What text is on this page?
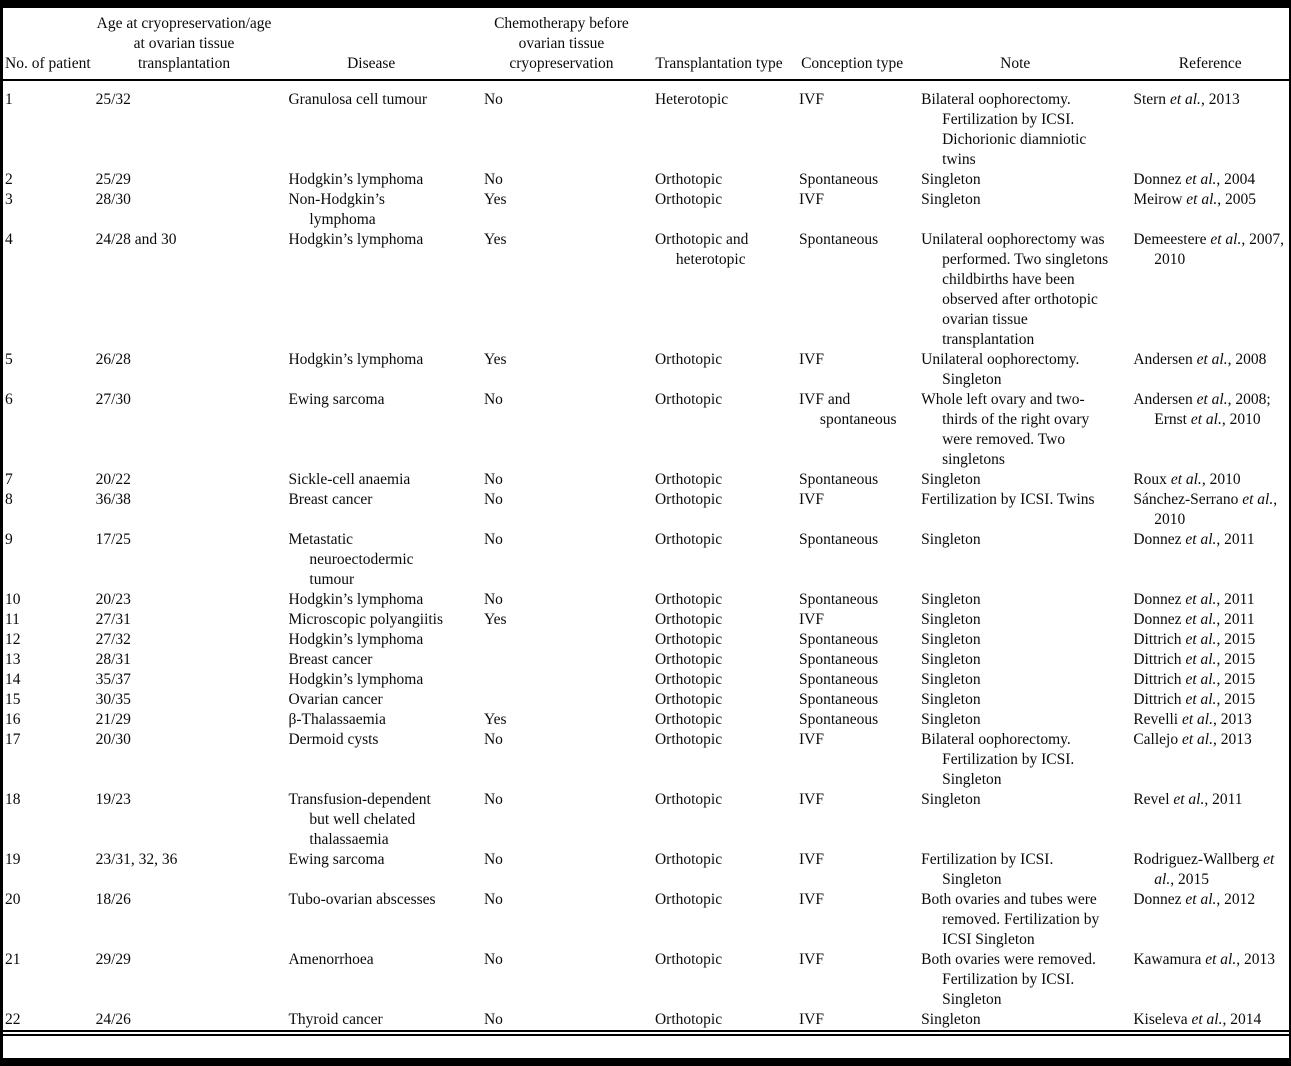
No. of patient	Age at cryopreservation/age at ovarian tissue transplantation	Disease	Chemotherapy before ovarian tissue cryopreservation	Transplantation type	Conception type	Note	Reference

1	25/32	Granulosa cell tumour	No	Heterotopic	IVF	Bilateral oophorectomy. Fertilization by ICSI. Dichorionic diamniotic twins	Stern et al., 2013

2	25/29	Hodgkin’s lymphoma	No	Orthotopic	Spontaneous	Singleton	Donnez et al., 2004

3	28/30	Non-Hodgkin’s lymphoma	Yes	Orthotopic	IVF	Singleton	Meirow et al., 2005

4	24/28 and 30	Hodgkin’s lymphoma	Yes	Orthotopic and heterotopic	Spontaneous	Unilateral oophorectomy was performed. Two singletons childbirths have been observed after orthotopic ovarian tissue transplantation	Demeestere et al., 2007, 2010

5	26/28	Hodgkin’s lymphoma	Yes	Orthotopic	IVF	Unilateral oophorectomy. Singleton	Andersen et al., 2008

6	27/30	Ewing sarcoma	No	Orthotopic	IVF and spontaneous	Whole left ovary and two-thirds of the right ovary were removed. Two singletons	Andersen et al., 2008; Ernst et al., 2010

7	20/22	Sickle-cell anaemia	No	Orthotopic	Spontaneous	Singleton	Roux et al., 2010

8	36/38	Breast cancer	No	Orthotopic	IVF	Fertilization by ICSI. Twins	Sánchez-Serrano et al., 2010

9	17/25	Metastatic neuroectodermic tumour	No	Orthotopic	Spontaneous	Singleton	Donnez et al., 2011

10	20/23	Hodgkin’s lymphoma	No	Orthotopic	Spontaneous	Singleton	Donnez et al., 2011

11	27/31	Microscopic polyangiitis	Yes	Orthotopic	IVF	Singleton	Donnez et al., 2011

12	27/32	Hodgkin’s lymphoma		Orthotopic	Spontaneous	Singleton	Dittrich et al., 2015

13	28/31	Breast cancer		Orthotopic	Spontaneous	Singleton	Dittrich et al., 2015

14	35/37	Hodgkin’s lymphoma		Orthotopic	Spontaneous	Singleton	Dittrich et al., 2015

15	30/35	Ovarian cancer		Orthotopic	Spontaneous	Singleton	Dittrich et al., 2015

16	21/29	β-Thalassaemia	Yes	Orthotopic	Spontaneous	Singleton	Revelli et al., 2013

17	20/30	Dermoid cysts	No	Orthotopic	IVF	Bilateral oophorectomy. Fertilization by ICSI. Singleton	Callejo et al., 2013

18	19/23	Transfusion-dependent but well chelated thalassaemia	No	Orthotopic	IVF	Singleton	Revel et al., 2011

19	23/31, 32, 36	Ewing sarcoma	No	Orthotopic	IVF	Fertilization by ICSI. Singleton	Rodriguez-Wallberg et al., 2015

20	18/26	Tubo-ovarian abscesses	No	Orthotopic	IVF	Both ovaries and tubes were removed. Fertilization by ICSI Singleton	Donnez et al., 2012

21	29/29	Amenorrhoea	No	Orthotopic	IVF	Both ovaries were removed. Fertilization by ICSI. Singleton	Kawamura et al., 2013

22	24/26	Thyroid cancer	No	Orthotopic	IVF	Singleton	Kiseleva et al., 2014
